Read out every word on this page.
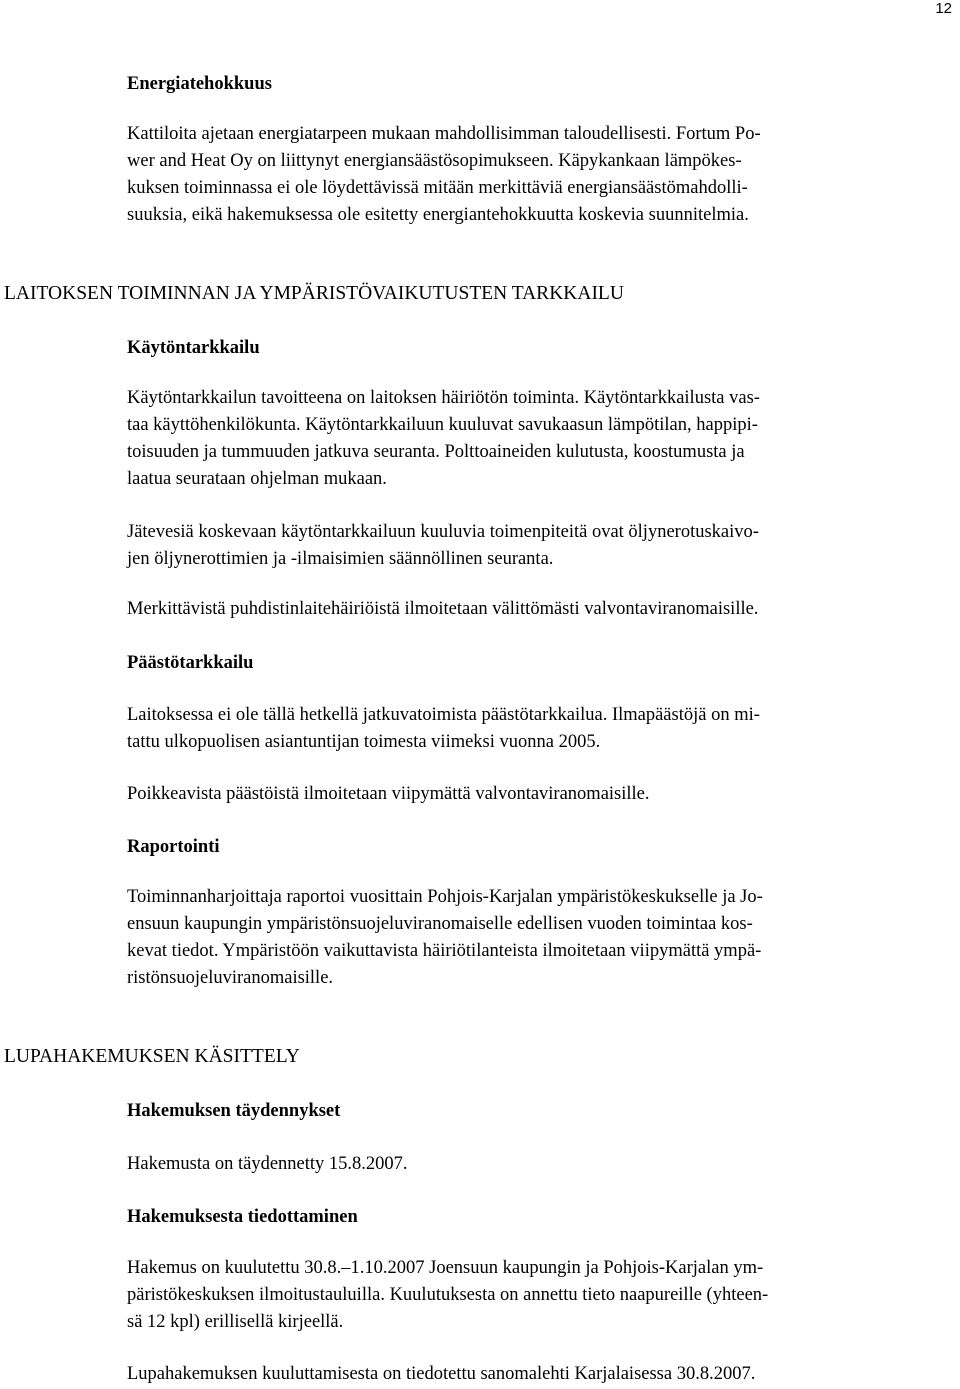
12
Energiatehokkuus
Kattiloita ajetaan energiatarpeen mukaan mahdollisimman taloudellisesti. Fortum Po-
wer and Heat Oy on liittynyt energiansäästösopimukseen. Käpykankaan lämpökes-
kuksen toiminnassa ei ole löydettävissä mitään merkittäviä energiansäästömahdolli-
suuksia, eikä hakemuksessa ole esitetty energiantehokkuutta koskevia suunnitelmia.
LAITOKSEN TOIMINNAN JA YMPÄRISTÖVAIKUTUSTEN TARKKAILU
Käytöntarkkailu
Käytöntarkkailun tavoitteena on laitoksen häiriötön toiminta. Käytöntarkkailusta vas-
taa käyttöhenkilökunta. Käytöntarkkailuun kuuluvat savukaasun lämpötilan, happipi-
toisuuden ja tummuuden jatkuva seuranta. Polttoaineiden kulutusta, koostumusta ja
laatua seurataan ohjelman mukaan.
Jätevesiä koskevaan käytöntarkkailuun kuuluvia toimenpiteitä ovat öljynerotuskaivo-
jen öljynerottimien ja -ilmaisimien säännöllinen seuranta.
Merkittävistä puhdistinlaitehäiriöistä ilmoitetaan välittömästi valvontaviranomaisille.
Päästötarkkailu
Laitoksessa ei ole tällä hetkellä jatkuvatoimista päästötarkkailua. Ilmapäästöjä on mi-
tattu ulkopuolisen asiantuntijan toimesta viimeksi vuonna 2005.
Poikkeavista päästöistä ilmoitetaan viipymättä valvontaviranomaisille.
Raportointi
Toiminnanharjoittaja raportoi vuosittain Pohjois-Karjalan ympäristökeskukselle ja Jo-
ensuun kaupungin ympäristönsuojeluviranomaiselle edellisen vuoden toimintaa kos-
kevat tiedot. Ympäristöön vaikuttavista häiriötilanteista ilmoitetaan viipymättä ympä-
ristönsuojeluviranomaisille.
LUPAHAKEMUKSEN KÄSITTELY
Hakemuksen täydennykset
Hakemusta on täydennetty 15.8.2007.
Hakemuksesta tiedottaminen
Hakemus on kuulutettu 30.8.–1.10.2007 Joensuun kaupungin ja Pohjois-Karjalan ym-
päristökeskuksen ilmoitustauluilla. Kuulutuksesta on annettu tieto naapureille (yhteen-
sä 12 kpl) erillisellä kirjeellä.
Lupahakemuksen kuuluttamisesta on tiedotettu sanomalehti Karjalaisessa 30.8.2007.
